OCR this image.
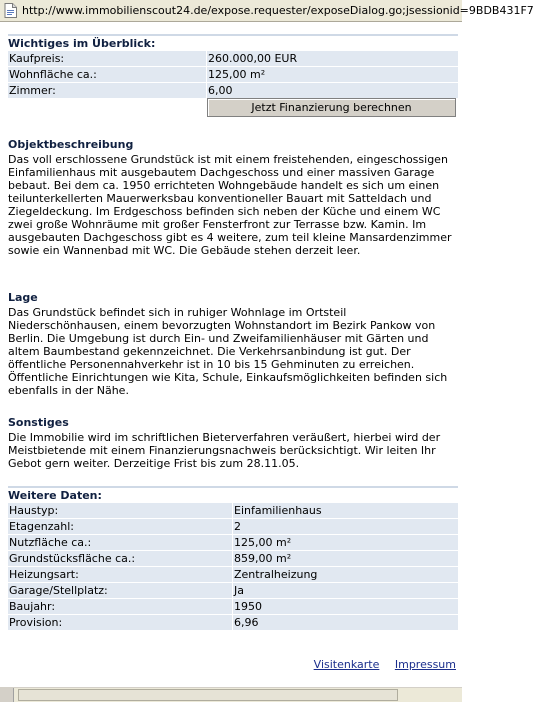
http://www.immobilienscout24.de/expose.requester/exposeDialog.go;jsessionid=9BDB431F7
Wichtiges im Überblick:
Kaufpreis:	260.000,00 EUR
Wohnfläche ca.:	125,00 m²
Zimmer:	6,00
Jetzt Finanzierung berechnen
Objektbeschreibung

Das voll erschlossene Grundstück ist mit einem freistehenden, eingeschossigen Einfamilienhaus mit ausgebautem Dachgeschoss und einer massiven Garage bebaut. Bei dem ca. 1950 errichteten Wohngebäude handelt es sich um einen teilunterkellerten Mauerwerksbau konventioneller Bauart mit Satteldach und Ziegeldeckung. Im Erdgeschoss befinden sich neben der Küche und einem WC zwei große Wohnräume mit großer Fensterfront zur Terrasse bzw. Kamin. Im ausgebauten Dachgeschoss gibt es 4 weitere, zum teil kleine Mansardenzimmer sowie ein Wannenbad mit WC. Die Gebäude stehen derzeit leer.

Lage

Das Grundstück befindet sich in ruhiger Wohnlage im Ortsteil Niederschönhausen, einem bevorzugten Wohnstandort im Bezirk Pankow von Berlin. Die Umgebung ist durch Ein- und Zweifamilienhäuser mit Gärten und altem Baumbestand gekennzeichnet. Die Verkehrsanbindung ist gut. Der öffentliche Personennahverkehr ist in 10 bis 15 Gehminuten zu erreichen. Öffentliche Einrichtungen wie Kita, Schule, Einkaufsmöglichkeiten befinden sich ebenfalls in der Nähe.

Sonstiges

Die Immobilie wird im schriftlichen Bieterverfahren veräußert, hierbei wird der Meistbietende mit einem Finanzierungsnachweis berücksichtigt. Wir leiten Ihr Gebot gern weiter. Derzeitige Frist bis zum 28.11.05.

Weitere Daten:
Haustyp:	Einfamilienhaus
Etagenzahl:	2
Nutzfläche ca.:	125,00 m²
Grundstücksfläche ca.:	859,00 m²
Heizungsart:	Zentralheizung
Garage/Stellplatz:	Ja
Baujahr:	1950
Provision:	6,96
Visitenkarte Impressum
